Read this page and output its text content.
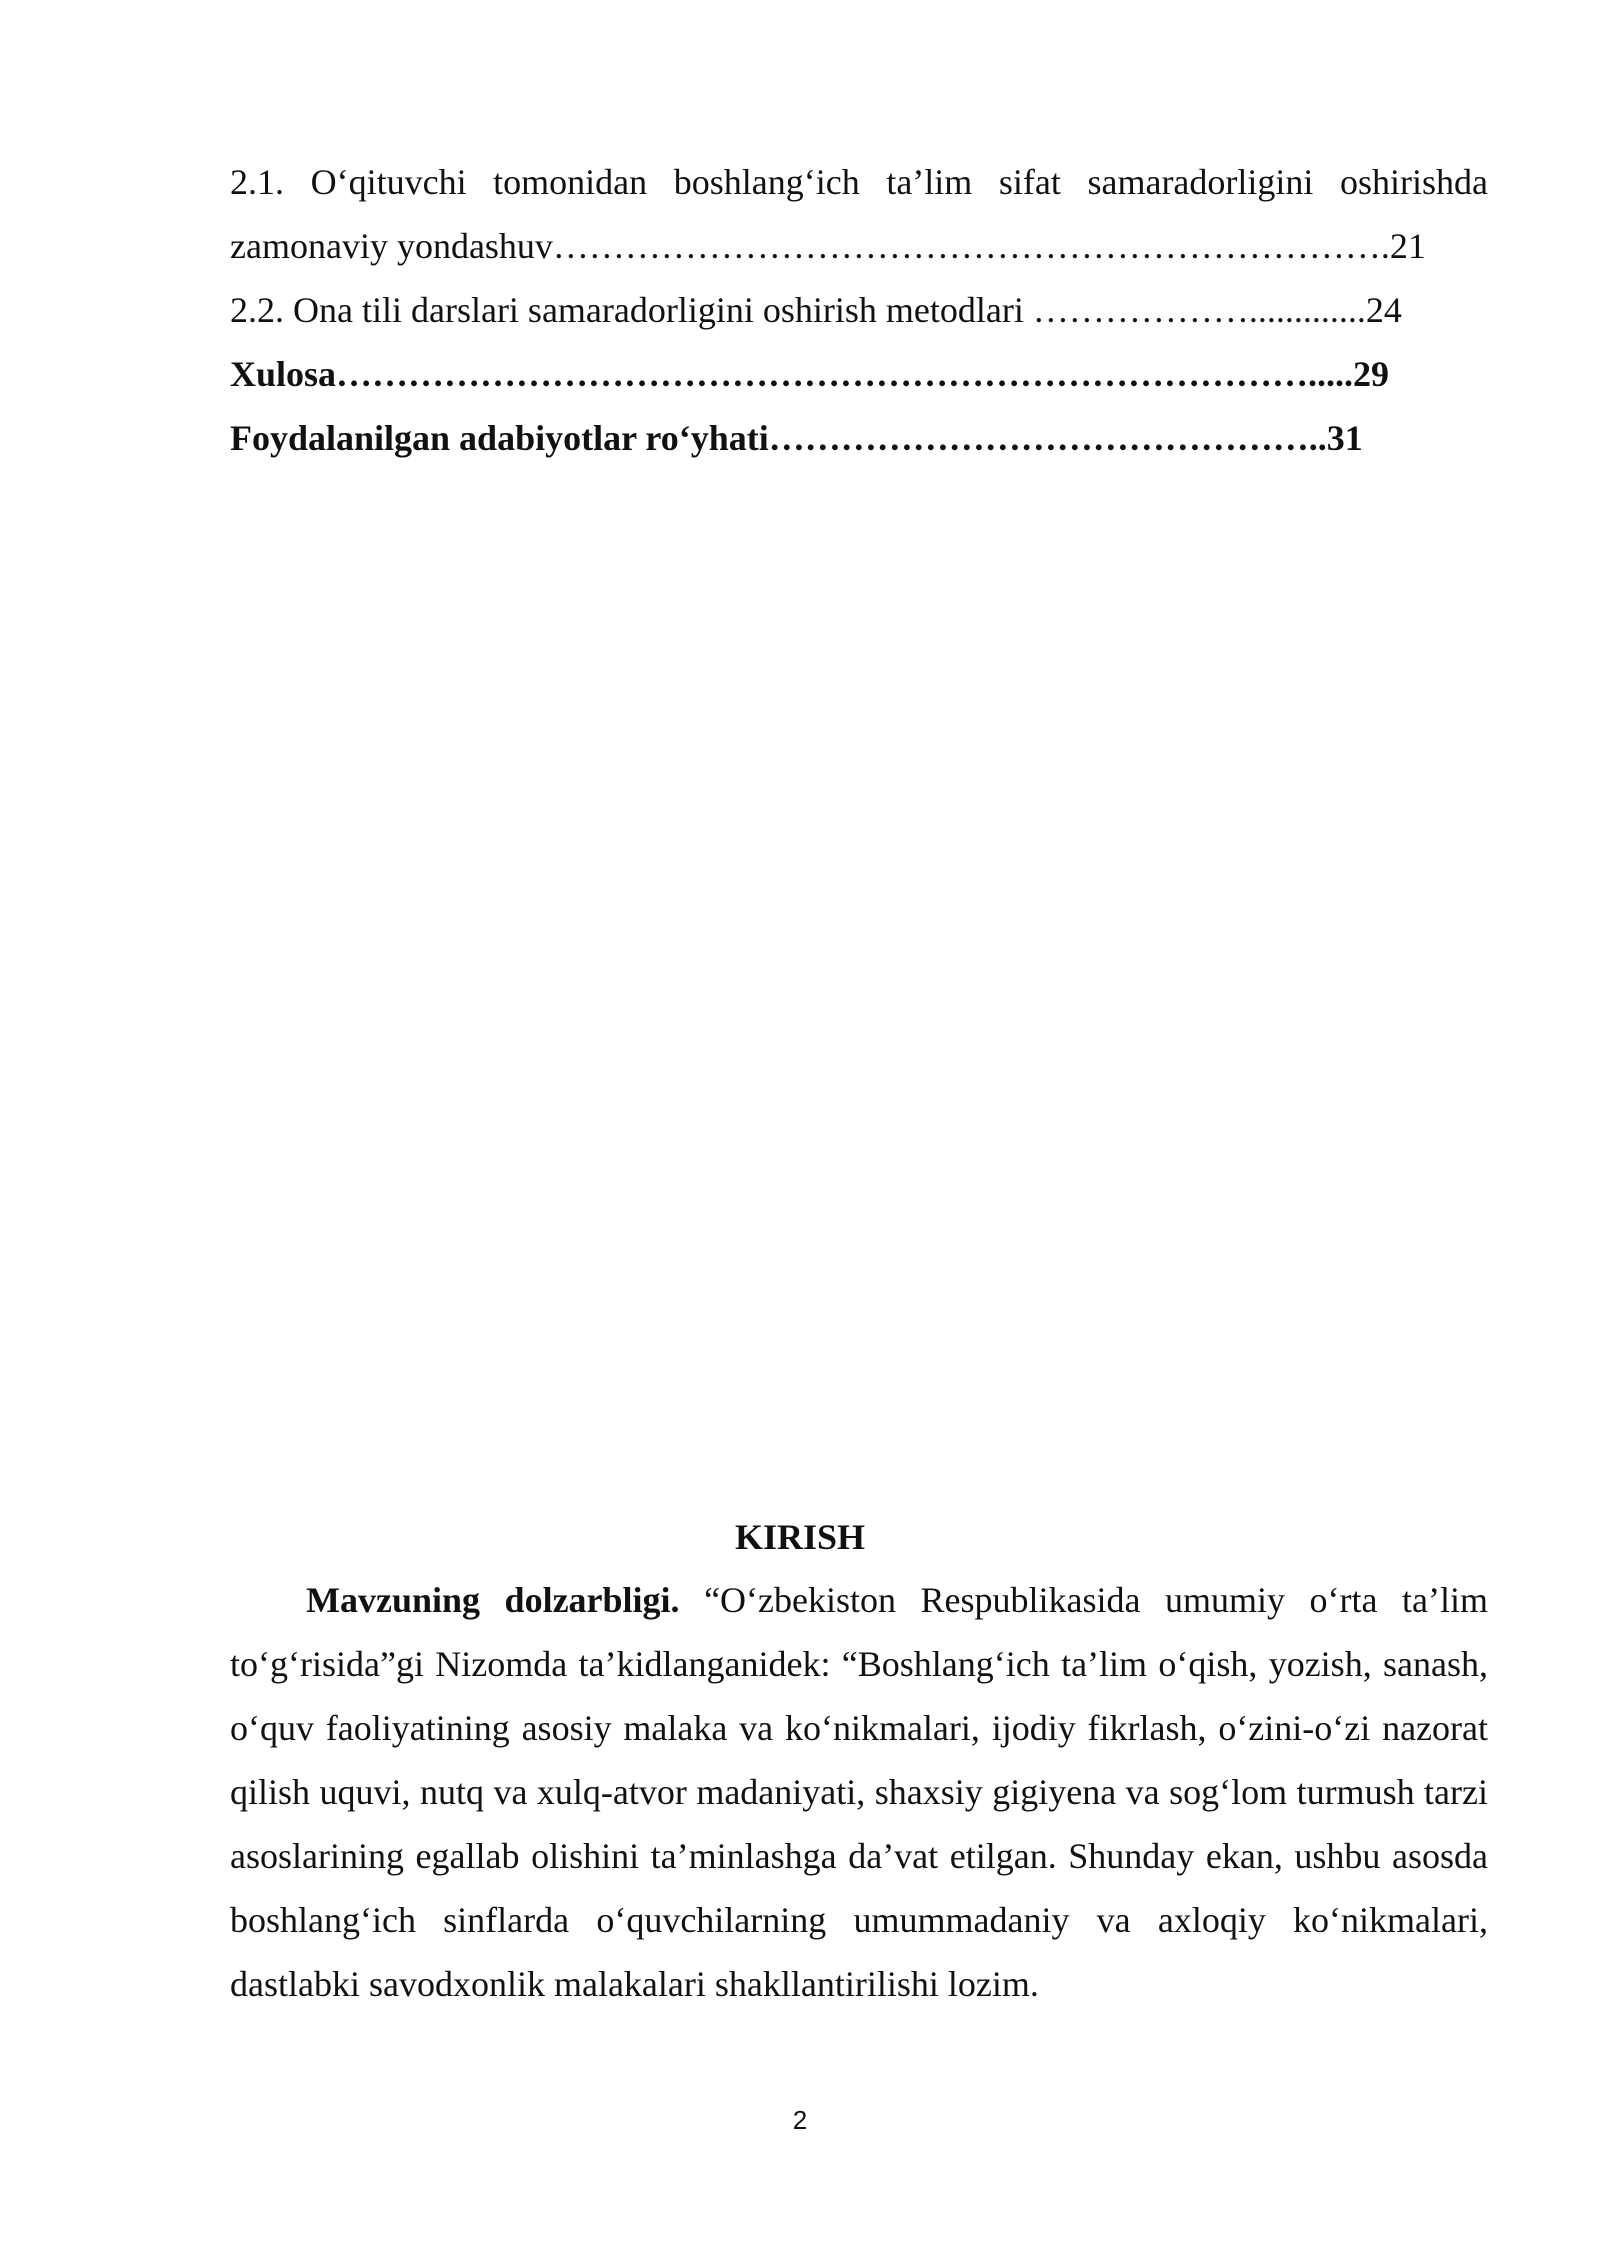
2.1. O‘qituvchi tomonidan boshlang‘ich ta’lim sifat samaradorligini oshirishda
zamonaviy yondashuv…………………………………………………………….21
2.2. Ona tili darslari samaradorligini oshirish metodlari ……………….............24
Xulosa……………………………………………………………………….....29
Foydalanilgan adabiyotlar ro‘yhati………………………………………..31
KIRISH

Mavzuning dolzarbligi. “O‘zbekiston Respublikasida umumiy o‘rta ta’lim to‘g‘risida”gi Nizomda ta’kidlanganidek: “Boshlang‘ich ta’lim o‘qish, yozish, sanash, o‘quv faoliyatining asosiy malaka va ko‘nikmalari, ijodiy fikrlash, o‘zini-o‘zi nazorat qilish uquvi, nutq va xulq-atvor madaniyati, shaxsiy gigiyena va sog‘lom turmush tarzi asoslarining egallab olishini ta’minlashga da’vat etilgan. Shunday ekan, ushbu asosda boshlang‘ich sinflarda o‘quvchilarning umummadaniy va axloqiy ko‘nikmalari, dastlabki savodxonlik malakalari shakllantirilishi lozim.

2
